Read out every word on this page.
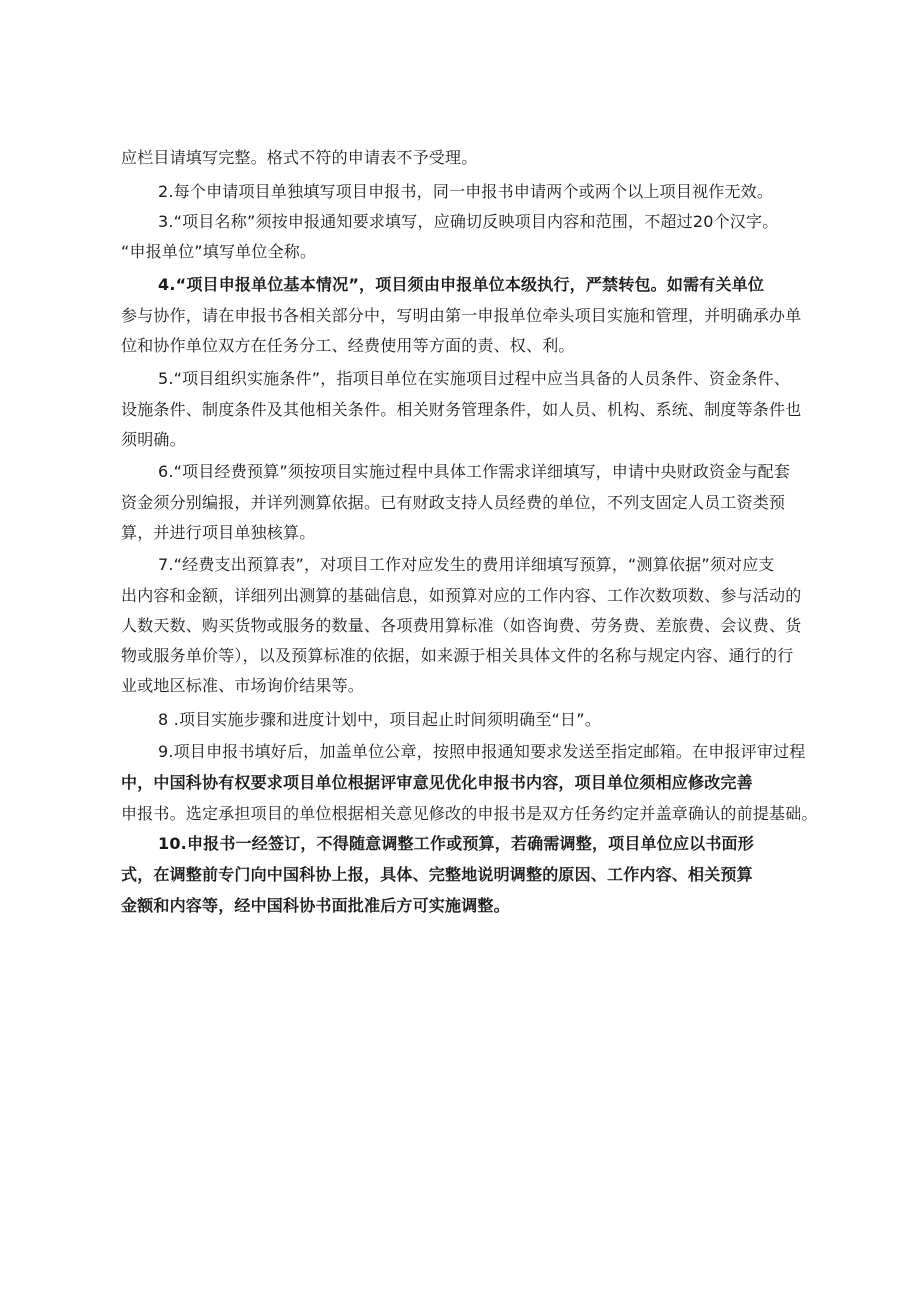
应栏目请填写完整。格式不符的申请表不予受理。
2.每个申请项目单独填写项目申报书，同一申报书申请两个或两个以上项目视作无效。
3.“项目名称”须按申报通知要求填写，应确切反映项目内容和范围，不超过20个汉字。
“申报单位”填写单位全称。
4.“项目申报单位基本情况”，项目须由申报单位本级执行，严禁转包。如需有关单位
参与协作，请在申报书各相关部分中，写明由第一申报单位牵头项目实施和管理，并明确承办单
位和协作单位双方在任务分工、经费使用等方面的责、权、利。
5.“项目组织实施条件”，指项目单位在实施项目过程中应当具备的人员条件、资金条件、
设施条件、制度条件及其他相关条件。相关财务管理条件，如人员、机构、系统、制度等条件也
须明确。
6.“项目经费预算”须按项目实施过程中具体工作需求详细填写，申请中央财政资金与配套
资金须分别编报，并详列测算依据。已有财政支持人员经费的单位，不列支固定人员工资类预
算，并进行项目单独核算。
7.“经费支出预算表”，对项目工作对应发生的费用详细填写预算，“测算依据”须对应支
出内容和金额，详细列出测算的基础信息，如预算对应的工作内容、工作次数项数、参与活动的
人数天数、购买货物或服务的数量、各项费用算标准（如咨询费、劳务费、差旅费、会议费、货
物或服务单价等），以及预算标准的依据，如来源于相关具体文件的名称与规定内容、通行的行
业或地区标准、市场询价结果等。
8 .项目实施步骤和进度计划中，项目起止时间须明确至“日”。
9.项目申报书填好后，加盖单位公章，按照申报通知要求发送至指定邮箱。在申报评审过程
中，中国科协有权要求项目单位根据评审意见优化申报书内容，项目单位须相应修改完善
申报书。选定承担项目的单位根据相关意见修改的申报书是双方任务约定并盖章确认的前提基础。
10.申报书一经签订，不得随意调整工作或预算，若确需调整，项目单位应以书面形
式，在调整前专门向中国科协上报，具体、完整地说明调整的原因、工作内容、相关预算
金额和内容等，经中国科协书面批准后方可实施调整。
